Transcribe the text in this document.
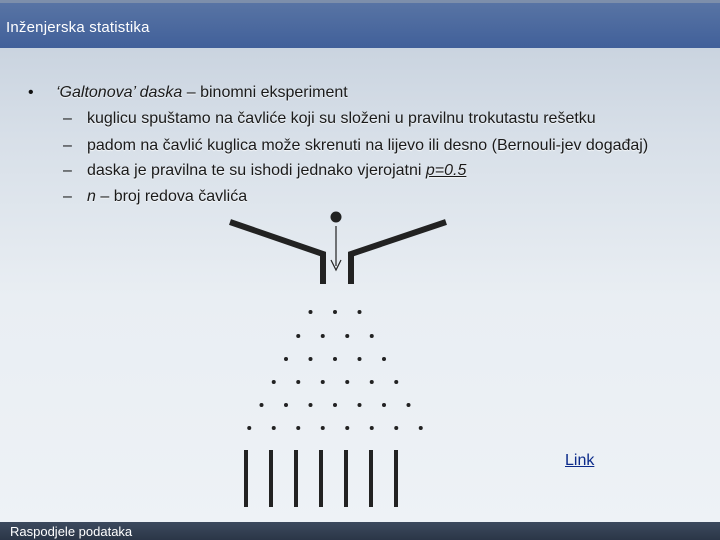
Inženjerska statistika
• ‘Galtonova’ daska – binomni eksperiment
– kuglicu spuštamo na čavliće koji su složeni u pravilnu trokutastu rešetku
– padom na čavlić kuglica može skrenuti na lijevo ili desno (Bernouli-jev događaj)
– daska je pravilna te su ishodi jednako vjerojatni p=0.5
– n – broj redova čavlića
Link
Raspodjele podataka
